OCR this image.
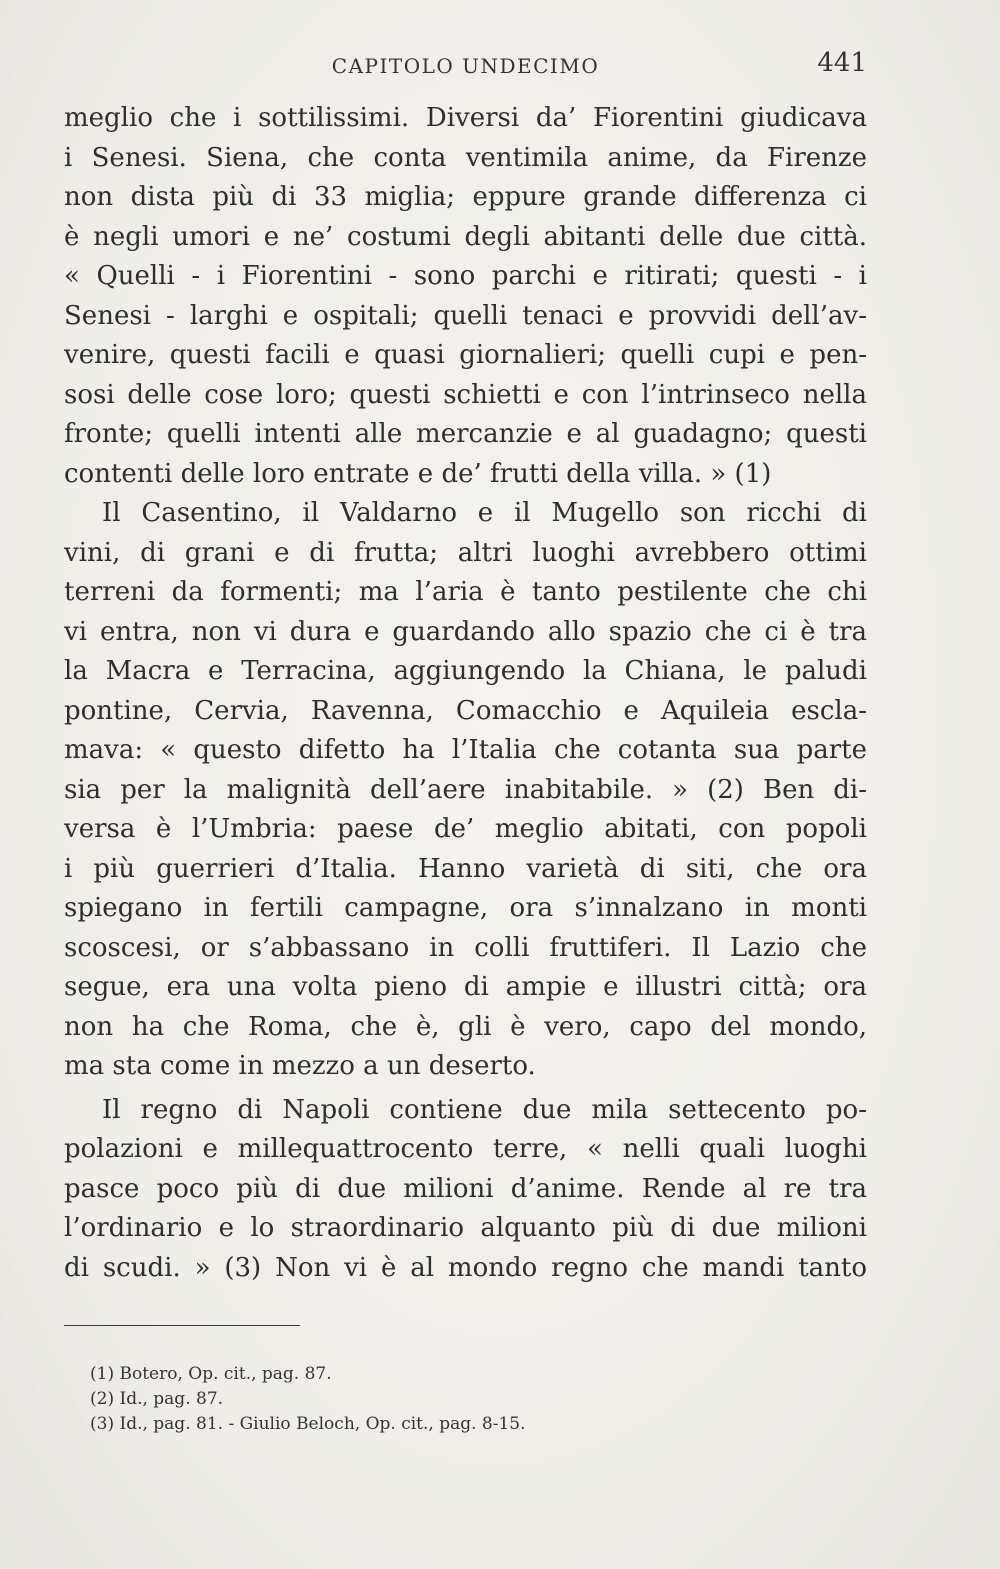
CAPITOLO UNDECIMO	441
meglio che i sottilissimi. Diversi da’ Fiorentini giudicava
i Senesi. Siena, che conta ventimila anime, da Firenze
non dista più di 33 miglia; eppure grande differenza ci
è negli umori e ne’ costumi degli abitanti delle due città.
« Quelli - i Fiorentini - sono parchi e ritirati; questi - i
Senesi - larghi e ospitali; quelli tenaci e provvidi dell’av-
venire, questi facili e quasi giornalieri; quelli cupi e pen-
sosi delle cose loro; questi schietti e con l’intrinseco nella
fronte; quelli intenti alle mercanzie e al guadagno; questi
contenti delle loro entrate e de’ frutti della villa. » (1)
Il Casentino, il Valdarno e il Mugello son ricchi di
vini, di grani e di frutta; altri luoghi avrebbero ottimi
terreni da formenti; ma l’aria è tanto pestilente che chi
vi entra, non vi dura e guardando allo spazio che ci è tra
la Macra e Terracina, aggiungendo la Chiana, le paludi
pontine, Cervia, Ravenna, Comacchio e Aquileia escla-
mava: « questo difetto ha l’Italia che cotanta sua parte
sia per la malignità dell’aere inabitabile. » (2) Ben di-
versa è l’Umbria: paese de’ meglio abitati, con popoli
i più guerrieri d’Italia. Hanno varietà di siti, che ora
spiegano in fertili campagne, ora s’innalzano in monti
scoscesi, or s’abbassano in colli fruttiferi. Il Lazio che
segue, era una volta pieno di ampie e illustri città; ora
non ha che Roma, che è, gli è vero, capo del mondo,
ma sta come in mezzo a un deserto.
Il regno di Napoli contiene due mila settecento po-
polazioni e millequattrocento terre, « nelli quali luoghi
pasce poco più di due milioni d’anime. Rende al re tra
l’ordinario e lo straordinario alquanto più di due milioni
di scudi. » (3) Non vi è al mondo regno che mandi tanto
(1) Botero, Op. cit., pag. 87.
(2) Id., pag. 87.
(3) Id., pag. 81. - Giulio Beloch, Op. cit., pag. 8-15.
